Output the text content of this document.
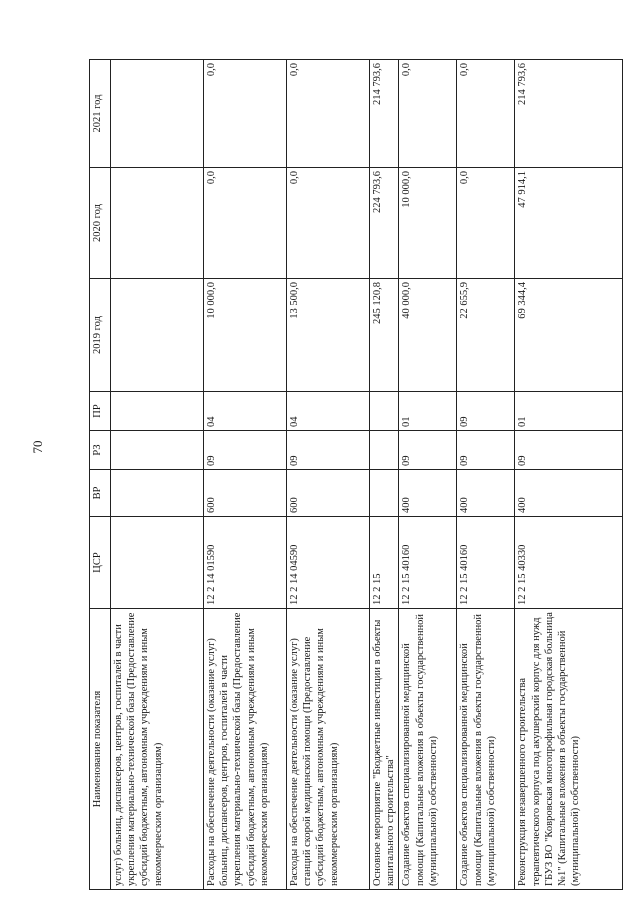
70
Наименование показателя	ЦСР	ВР	РЗ	ПР	2019 год	2020 год	2021 год
услуг) больниц, диспансеров, центров, госпиталей в части укрепления материально-технической базы (Предоставление субсидий бюджетным, автономным учреждениям и иным некоммерческим организациям)							
Расходы на обеспечение деятельности (оказание услуг) больниц, диспансеров, центров, госпиталей в части укрепления материально-технической базы (Предоставление субсидий бюджетным, автономным учреждениям и иным некоммерческим организациям)	12 2 14 01590	600	09	04	10 000,0	0,0	0,0
Расходы на обеспечение деятельности (оказание услуг) станций скорой медицинской помощи (Предоставление субсидий бюджетным, автономным учреждениям и иным некоммерческим организациям)	12 2 14 04590	600	09	04	13 500,0	0,0	0,0
Основное мероприятие "Бюджетные инвестиции в объекты капитального строительства"	12 2 15				245 120,8	224 793,6	214 793,6
Создание объектов специализированной медицинской помощи (Капитальные вложения в объекты государственной (муниципальной) собственности)	12 2 15 40160	400	09	01	40 000,0	10 000,0	0,0
Создание объектов специализированной медицинской помощи (Капитальные вложения в объекты государственной (муниципальной) собственности)	12 2 15 40160	400	09	09	22 655,9	0,0	0,0
Реконструкция незавершенного строительства терапевтического корпуса под акушерский корпус для нужд ГБУЗ ВО "Ковровская многопрофильная городская больница №1" (Капитальные вложения в объекты государственной (муниципальной) собственности)	12 2 15 40330	400	09	01	69 344,4	47 914,1	214 793,6
